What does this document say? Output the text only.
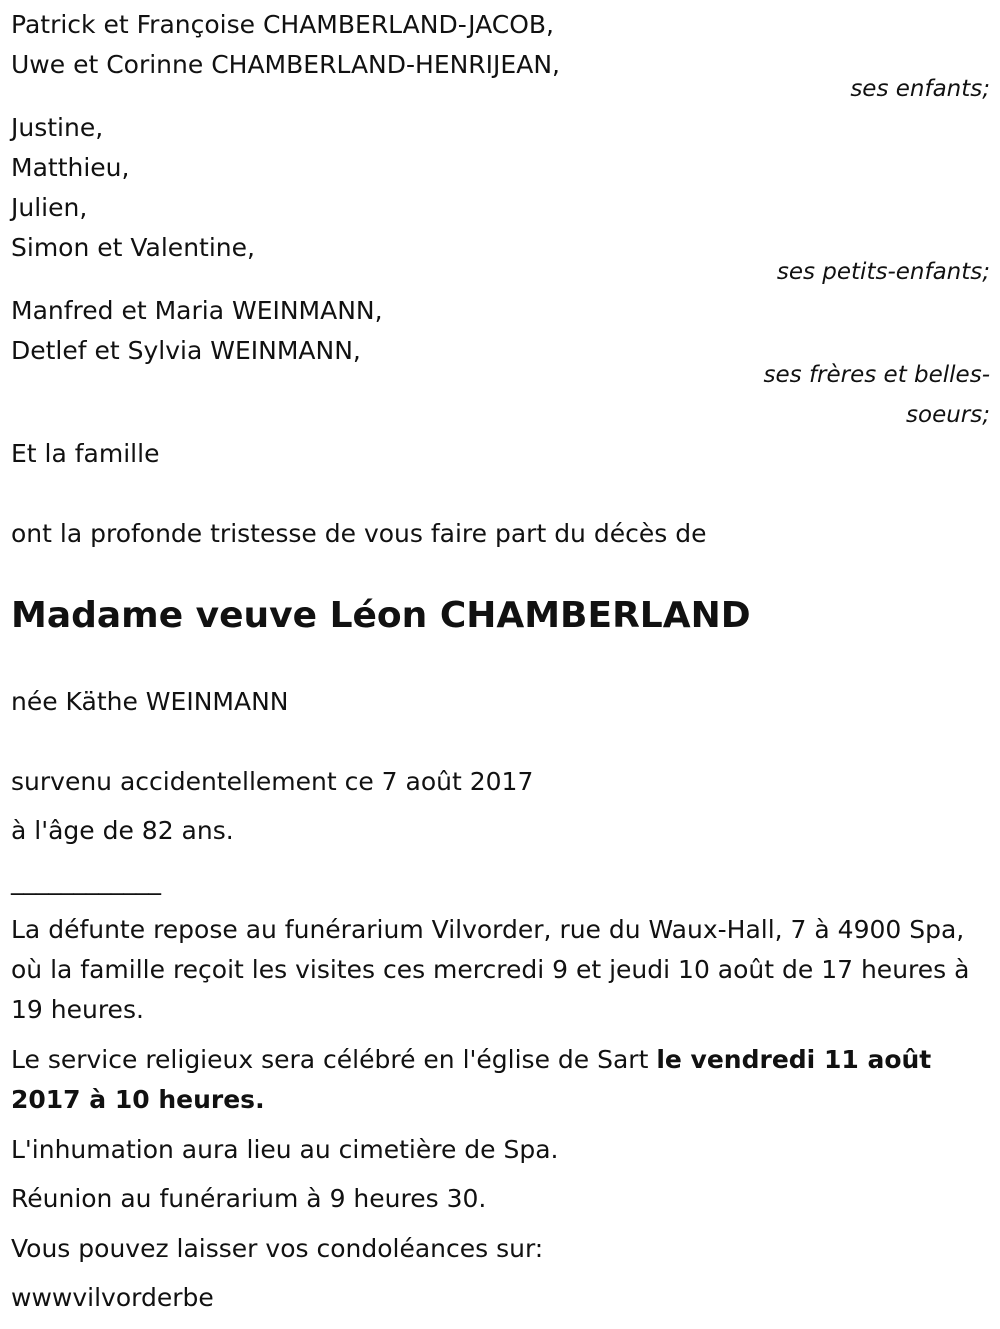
Patrick et Françoise CHAMBERLAND-JACOB,
Uwe et Corinne CHAMBERLAND-HENRIJEAN,
ses enfants;
Justine,
Matthieu,
Julien,
Simon et Valentine,
ses petits-enfants;
Manfred et Maria WEINMANN,
Detlef et Sylvia WEINMANN,
ses frères et belles-
soeurs;
Et la famille
ont la profonde tristesse de vous faire part du décès de
Madame veuve Léon CHAMBERLAND
née Käthe WEINMANN
survenu accidentellement ce 7 août 2017
à l'âge de 82 ans.
____________
La défunte repose au funérarium Vilvorder, rue du Waux-Hall, 7 à 4900 Spa, où la famille reçoit les visites ces mercredi 9 et jeudi 10 août de 17 heures à 19 heures.
Le service religieux sera célébré en l'église de Sart le vendredi 11 août 2017 à 10 heures.
L'inhumation aura lieu au cimetière de Spa.
Réunion au funérarium à 9 heures 30.
Vous pouvez laisser vos condoléances sur:
wwwvilvorderbe
